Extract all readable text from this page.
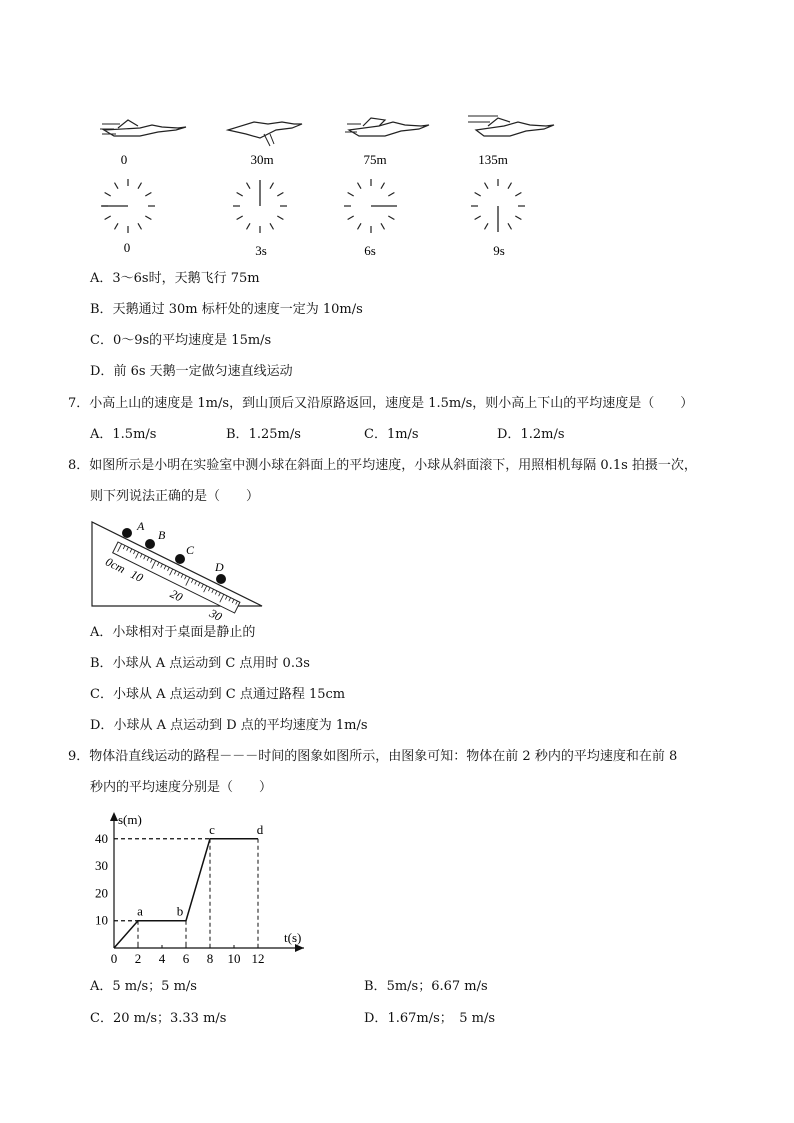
0	30m	75m	135m
0	3s	6s	9s
A．3～6s时，天鹅飞行 75m
B．天鹅通过 30m 标杆处的速度一定为 10m/s
C．0～9s的平均速度是 15m/s
D．前 6s 天鹅一定做匀速直线运动
7．小高上山的速度是 1m/s，到山顶后又沿原路返回，速度是 1.5m/s，则小高上下山的平均速度是（　　）
A．1.5m/s	B．1.25m/s	C．1m/s	D．1.2m/s
8．如图所示是小明在实验室中测小球在斜面上的平均速度，小球从斜面滚下，用照相机每隔 0.1s 拍摄一次，
则下列说法正确的是（　　）
0cm 10
20
30
A
B
C
D
A．小球相对于桌面是静止的
B．小球从 A 点运动到 C 点用时 0.3s
C．小球从 A 点运动到 C 点通过路程 15cm
D．小球从 A 点运动到 D 点的平均速度为 1m/s
9．物体沿直线运动的路程－－－时间的图象如图所示，由图象可知：物体在前 2 秒内的平均速度和在前 8
秒内的平均速度分别是（　　）
s(m)
t(s)
0 2 4 6 8 10 12
10
20
30
40
a	b
c	d
A．5 m/s；5 m/s	B．5m/s；6.67 m/s
C．20 m/s；3.33 m/s	D．1.67m/s；　5 m/s
